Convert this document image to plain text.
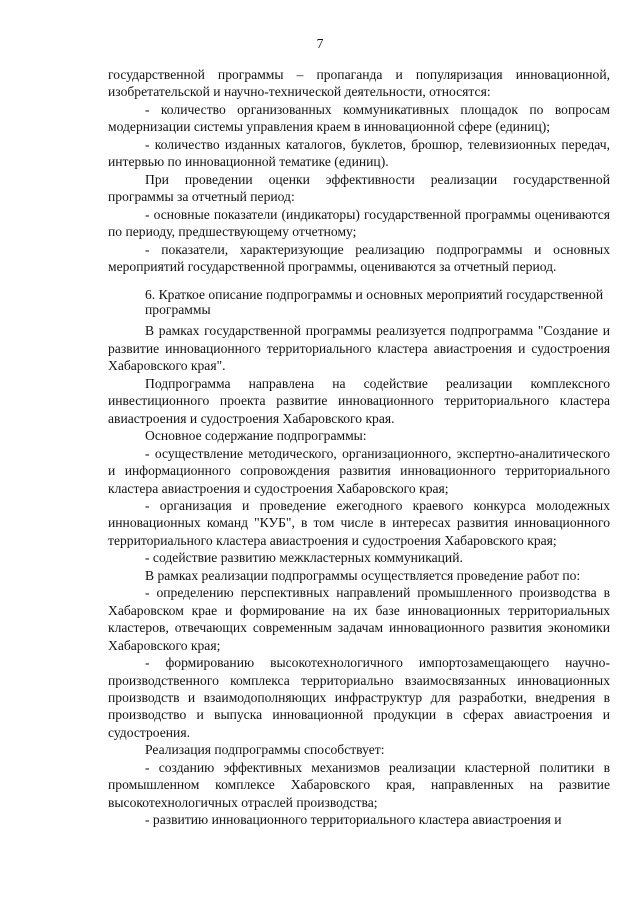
7

государственной программы – пропаганда и популяризация инновационной, изобретательской и научно-технической деятельности, относятся:

- количество организованных коммуникативных площадок по вопросам модернизации системы управления краем в инновационной сфере (единиц);

- количество изданных каталогов, буклетов, брошюр, телевизионных передач, интервью по инновационной тематике (единиц).

При проведении оценки эффективности реализации государственной программы за отчетный период:

- основные показатели (индикаторы) государственной программы оцениваются по периоду, предшествующему отчетному;

- показатели, характеризующие реализацию подпрограммы и основных мероприятий государственной программы, оцениваются за отчетный период.

6. Краткое описание подпрограммы и основных мероприятий государственной программы

В рамках государственной программы реализуется подпрограмма "Создание и развитие инновационного территориального кластера авиастроения и судостроения Хабаровского края".

Подпрограмма направлена на содействие реализации комплексного инвестиционного проекта развитие инновационного территориального кластера авиастроения и судостроения Хабаровского края.

Основное содержание подпрограммы:

- осуществление методического, организационного, экспертно-аналитического и информационного сопровождения развития инновационного территориального кластера авиастроения и судостроения Хабаровского края;

- организация и проведение ежегодного краевого конкурса молодежных инновационных команд "КУБ", в том числе в интересах развития инновационного территориального кластера авиастроения и судостроения Хабаровского края;

- содействие развитию межкластерных коммуникаций.

В рамках реализации подпрограммы осуществляется проведение работ по:

- определению перспективных направлений промышленного производства в Хабаровском крае и формирование на их базе инновационных территориальных кластеров, отвечающих современным задачам инновационного развития экономики Хабаровского края;

- формированию высокотехнологичного импортозамещающего научно-производственного комплекса территориально взаимосвязанных инновационных производств и взаимодополняющих инфраструктур для разработки, внедрения в производство и выпуска инновационной продукции в сферах авиастроения и судостроения.

Реализация подпрограммы способствует:

- созданию эффективных механизмов реализации кластерной политики в промышленном комплексе Хабаровского края, направленных на развитие высокотехнологичных отраслей производства;

- развитию инновационного территориального кластера авиастроения и
